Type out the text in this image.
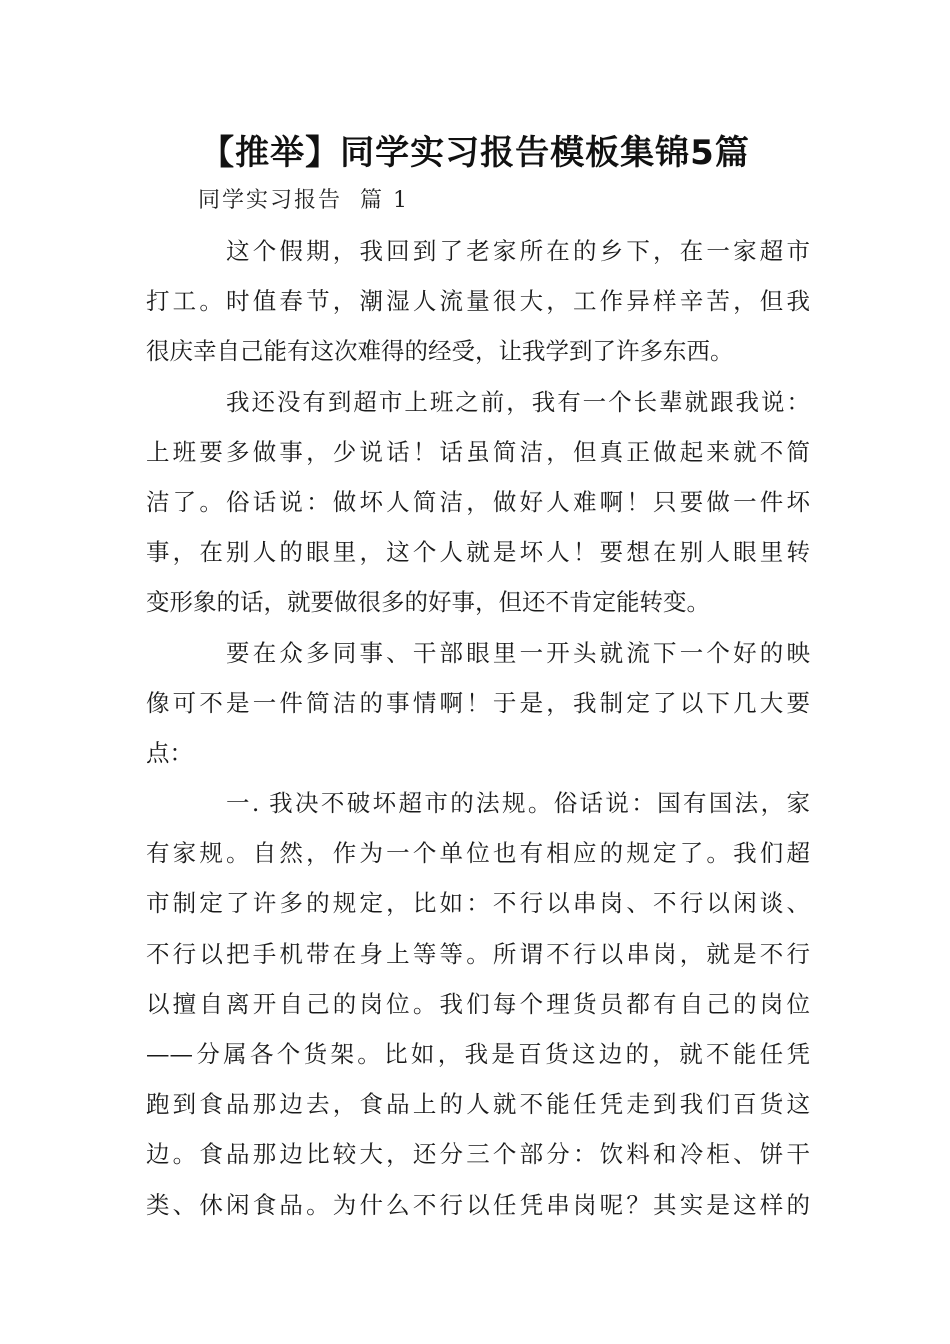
【推举】同学实习报告模板集锦5篇
同学实习报告  篇 1
这个假期，我回到了老家所在的乡下，在一家超市
打工。时值春节，潮湿人流量很大，工作异样辛苦，但我
很庆幸自己能有这次难得的经受，让我学到了许多东西。
我还没有到超市上班之前，我有一个长辈就跟我说：
上班要多做事，少说话！话虽简洁，但真正做起来就不简
洁了。俗话说：做坏人简洁，做好人难啊！只要做一件坏
事，在别人的眼里，这个人就是坏人！要想在别人眼里转
变形象的话，就要做很多的好事，但还不肯定能转变。
要在众多同事、干部眼里一开头就流下一个好的映
像可不是一件简洁的事情啊！于是，我制定了以下几大要
点：
一. 我决不破坏超市的法规。俗话说：国有国法，家
有家规。自然，作为一个单位也有相应的规定了。我们超
市制定了许多的规定，比如：不行以串岗、不行以闲谈、
不行以把手机带在身上等等。所谓不行以串岗，就是不行
以擅自离开自己的岗位。我们每个理货员都有自己的岗位
——分属各个货架。比如，我是百货这边的，就不能任凭
跑到食品那边去，食品上的人就不能任凭走到我们百货这
边。食品那边比较大，还分三个部分：饮料和冷柜、饼干
类、休闲食品。为什么不行以任凭串岗呢？其实是这样的
